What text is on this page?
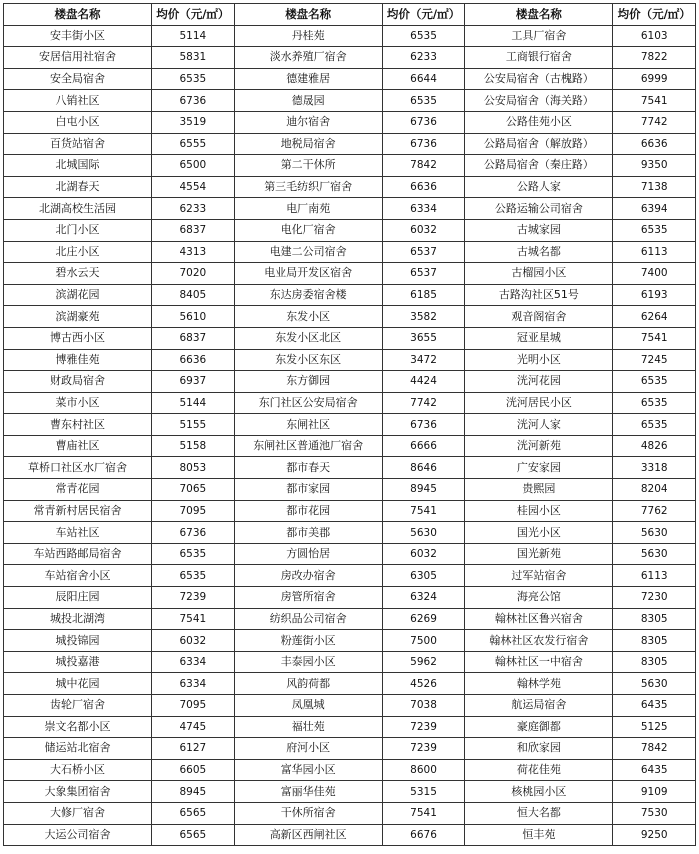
楼盘名称	均价（元/㎡）	楼盘名称	均价（元/㎡）	楼盘名称	均价（元/㎡）
安丰街小区	5114	丹桂苑	6535	工具厂宿舍	6103
安居信用社宿舍	5831	淡水养殖厂宿舍	6233	工商银行宿舍	7822
安全局宿舍	6535	德建雅居	6644	公安局宿舍（古槐路）	6999
八销社区	6736	德晟园	6535	公安局宿舍（海关路）	7541
白屯小区	3519	迪尔宿舍	6736	公路佳苑小区	7742
百货站宿舍	6555	地税局宿舍	6736	公路局宿舍（解放路）	6636
北城国际	6500	第二干休所	7842	公路局宿舍（秦庄路）	9350
北湖春天	4554	第三毛纺织厂宿舍	6636	公路人家	7138
北湖高校生活园	6233	电厂南苑	6334	公路运输公司宿舍	6394
北门小区	6837	电化厂宿舍	6032	古城家园	6535
北庄小区	4313	电建二公司宿舍	6537	古城名都	6113
碧水云天	7020	电业局开发区宿舍	6537	古榴园小区	7400
滨湖花园	8405	东达房委宿舍楼	6185	古路沟社区51号	6193
滨湖豪苑	5610	东发小区	3582	观音阁宿舍	6264
博古西小区	6837	东发小区北区	3655	冠亚星城	7541
博雅佳苑	6636	东发小区东区	3472	光明小区	7245
财政局宿舍	6937	东方御园	4424	洸河花园	6535
菜市小区	5144	东门社区公安局宿舍	7742	洸河居民小区	6535
曹东村社区	5155	东闸社区	6736	洸河人家	6535
曹庙社区	5158	东闸社区普通池厂宿舍	6666	洸河新苑	4826
草桥口社区水厂宿舍	8053	都市春天	8646	广安家园	3318
常青花园	7065	都市家园	8945	贵熙园	8204
常青新村居民宿舍	7095	都市花园	7541	桂园小区	7762
车站社区	6736	都市美郡	5630	国光小区	5630
车站西路邮局宿舍	6535	方圆怡居	6032	国光新苑	5630
车站宿舍小区	6535	房改办宿舍	6305	过军站宿舍	6113
辰阳庄园	7239	房管所宿舍	6324	海亮公馆	7230
城投北湖湾	7541	纺织品公司宿舍	6269	翰林社区鲁兴宿舍	8305
城投锦园	6032	粉莲街小区	7500	翰林社区农发行宿舍	8305
城投嘉港	6334	丰泰园小区	5962	翰林社区一中宿舍	8305
城中花园	6334	风韵荷都	4526	翰林学苑	5630
齿轮厂宿舍	7095	凤凰城	7038	航运局宿舍	6435
崇文名都小区	4745	福壮苑	7239	豪庭御都	5125
储运站北宿舍	6127	府河小区	7239	和欣家园	7842
大石桥小区	6605	富华园小区	8600	荷花佳苑	6435
大象集团宿舍	8945	富丽华佳苑	5315	核桃园小区	9109
大修厂宿舍	6565	干休所宿舍	7541	恒大名都	7530
大运公司宿舍	6565	高新区西闸社区	6676	恒丰苑	9250
